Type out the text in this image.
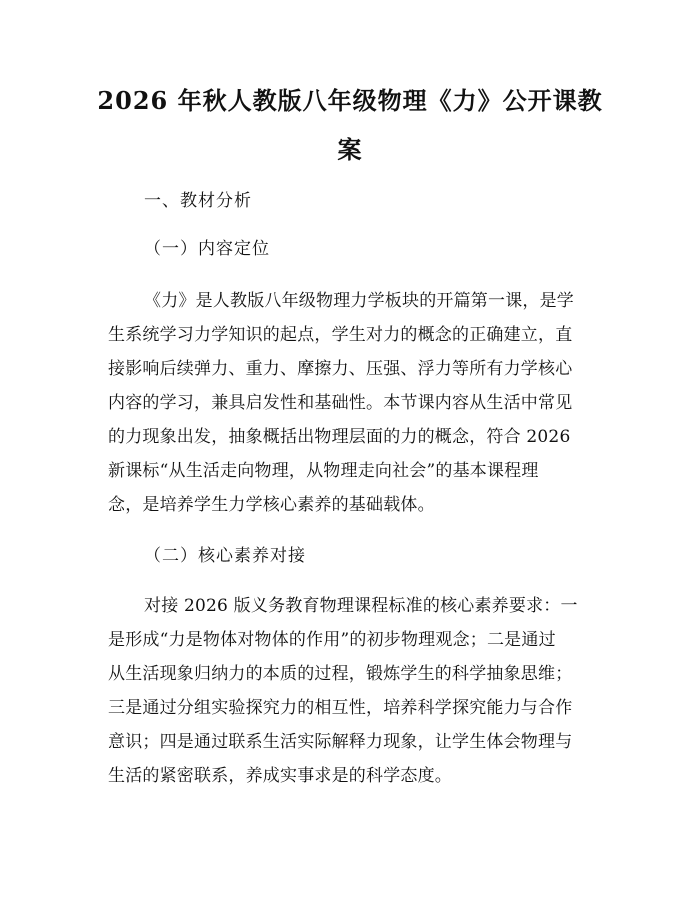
2026 年秋人教版八年级物理《力》公开课教
案
一、教材分析
（一）内容定位
《力》是人教版八年级物理力学板块的开篇第一课，是学
生系统学习力学知识的起点，学生对力的概念的正确建立，直
接影响后续弹力、重力、摩擦力、压强、浮力等所有力学核心
内容的学习，兼具启发性和基础性。本节课内容从生活中常见
的力现象出发，抽象概括出物理层面的力的概念，符合 2026
新课标“从生活走向物理，从物理走向社会”的基本课程理
念，是培养学生力学核心素养的基础载体。
（二）核心素养对接
对接 2026 版义务教育物理课程标准的核心素养要求：一
是形成“力是物体对物体的作用”的初步物理观念；二是通过
从生活现象归纳力的本质的过程，锻炼学生的科学抽象思维；
三是通过分组实验探究力的相互性，培养科学探究能力与合作
意识；四是通过联系生活实际解释力现象，让学生体会物理与
生活的紧密联系，养成实事求是的科学态度。
